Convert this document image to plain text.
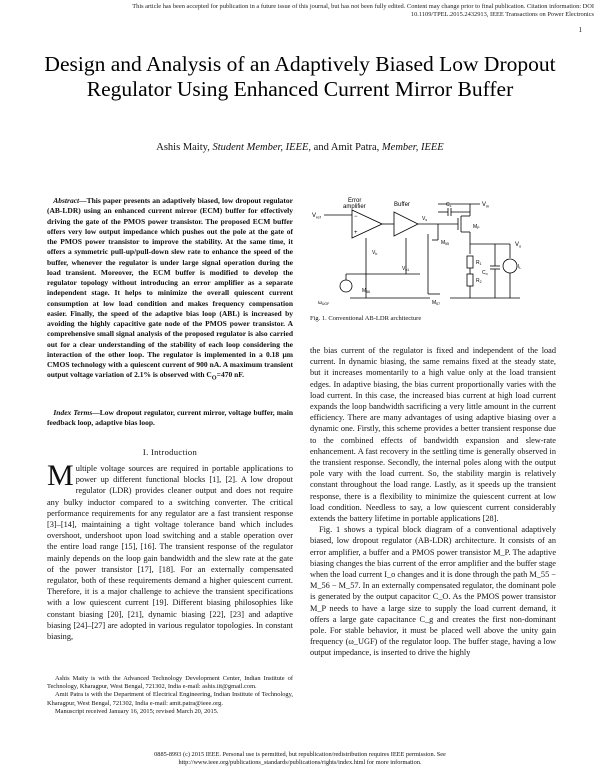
This article has been accepted for publication in a future issue of this journal, but has not been fully edited. Content may change prior to final publication. Citation information: DOI
10.1109/TPEL.2015.2432913, IEEE Transactions on Power Electronics
1
Design and Analysis of an Adaptively Biased Low Dropout Regulator Using Enhanced Current Mirror Buffer
Ashis Maity, Student Member, IEEE, and Amit Patra, Member, IEEE
Abstract—This paper presents an adaptively biased, low dropout regulator (AB-LDR) using an enhanced current mirror (ECM) buffer for effectively driving the gate of the PMOS power transistor. The proposed ECM buffer offers very low output impedance which pushes out the pole at the gate of the PMOS power transistor to improve the stability. At the same time, it offers a symmetric pull-up/pull-down slew rate to enhance the speed of the buffer, whenever the regulator is under large signal operation during the load transient. Moreover, the ECM buffer is modified to develop the regulator topology without introducing an error amplifier as a separate independent stage. It helps to minimize the overall quiescent current consumption at low load condition and makes frequency compensation easier. Finally, the speed of the adaptive bias loop (ABL) is increased by avoiding the highly capacitive gate node of the PMOS power transistor. A comprehensive small signal analysis of the proposed regulator is also carried out for a clear understanding of the stability of each loop considering the interaction of the other loop. The regulator is implemented in a 0.18 μm CMOS technology with a quiescent current of 900 nA. A maximum transient output voltage variation of 2.1% is observed with $C_O=470$ nF.
Index Terms—Low dropout regulator, current mirror, voltage buffer, main feedback loop, adaptive bias loop.
I. Introduction
Multiple voltage sources are required in portable applications to power up different functional blocks [1], [2]. A low dropout regulator (LDR) provides cleaner output and does not require any bulky inductor compared to a switching converter. The critical performance requirements for any regulator are a fast transient response [3]–[14], maintaining a tight voltage tolerance band which includes overshoot, undershoot upon load switching and a stable operation over the entire load range [15], [16]. The transient response of the regulator mainly depends on the loop gain bandwidth and the slew rate at the gate of the power transistor [17], [18]. For an externally compensated regulator, both of these requirements demand a higher quiescent current. Therefore, it is a major challenge to achieve the transient specifications with a low quiescent current [19]. Different biasing philosophies like constant biasing [20], [21], dynamic biasing [22], [23] and adaptive biasing [24]–[27] are adopted in various regulator topologies. In constant biasing,

Ashis Maity is with the Advanced Technology Development Center, Indian Institute of Technology, Kharagpur, West Bengal, 721302, India e-mail: ashis.iit@gmail.com.

Amit Patra is with the Department of Electrical Engineering, Indian Institute of Technology, Kharagpur, West Bengal, 721302, India e-mail: amit.patra@ieee.org.

Manuscript received January 16, 2015; revised March 20, 2015.

Error
amplifier	Buffer
−
+
$V_{ref}$	$V_s$
$V_{in}$
$C_c$
$M_P$
$V_o$
$R_1$
$R_2$
$C_o$
$I_L$
$M_{55}$
$M_{57}$
$V_b$
$V_{b1}$
$M_{56}$
$\omega_{UGF}$
Fig. 1. Conventional AB-LDR architecture

the bias current of the regulator is fixed and independent of the load current. In dynamic biasing, the same remains fixed at the steady state, but it increases momentarily to a high value only at the load transient edges. In adaptive biasing, the bias current proportionally varies with the load current. In this case, the increased bias current at high load current expands the loop bandwidth sacrificing a very little amount in the current efficiency. There are many advantages of using adaptive biasing over a dynamic one. Firstly, this scheme provides a better transient response due to the combined effects of bandwidth expansion and slew-rate enhancement. A fast recovery in the settling time is generally observed in the transient response. Secondly, the internal poles along with the output pole vary with the load current. So, the stability margin is relatively constant throughout the load range. Lastly, as it speeds up the transient response, there is a flexibility to minimize the quiescent current at low load condition. Needless to say, a low quiescent current considerably extends the battery lifetime in portable applications [28].

Fig. 1 shows a typical block diagram of a conventional adaptively biased, low dropout regulator (AB-LDR) architecture. It consists of an error amplifier, a buffer and a PMOS power transistor M_P. The adaptive biasing changes the bias current of the error amplifier and the buffer stage when the load current I_o changes and it is done through the path M_55 − M_56 − M_57. In an externally compensated regulator, the dominant pole is generated by the output capacitor C_O. As the PMOS power transistor M_P needs to have a large size to supply the load current demand, it offers a large gate capacitance C_g and creates the first non-dominant pole. For stable behavior, it must be placed well above the unity gain frequency (ω_UGF) of the regulator loop. The buffer stage, having a low output impedance, is inserted to drive the highly

0885-8993 (c) 2015 IEEE. Personal use is permitted, but republication/redistribution requires IEEE permission. See
http://www.ieee.org/publications_standards/publications/rights/index.html for more information.
